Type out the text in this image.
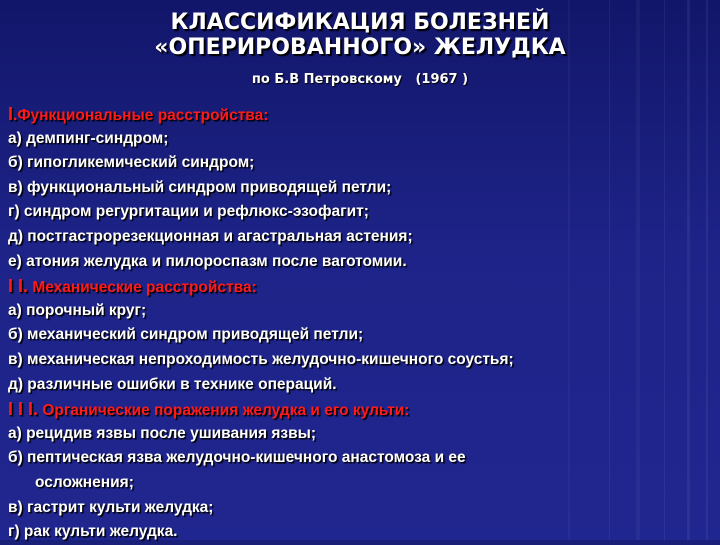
КЛАССИФИКАЦИЯ БОЛЕЗНЕЙ
«ОПЕРИРОВАННОГО» ЖЕЛУДКА
по Б.В Петровскому   (1967 )
I.Функциональные расстройства:
а) демпинг-синдром;
б) гипогликемический синдром;
в) функциональный синдром приводящей петли;
г) синдром регургитации и рефлюкс-эзофагит;
д) постгастрорезекционная и агастральная астения;
е) атония желудка и пилороспазм после ваготомии.
I I. Механические расстройства:
а) порочный круг;
б) механический синдром приводящей петли;
в) механическая непроходимость желудочно-кишечного соустья;
д) различные ошибки в технике операций.
I I I. Органические поражения желудка и его культи:
а) рецидив язвы после ушивания язвы;
б) пептическая язва желудочно-кишечного анастомоза и ее
осложнения;
в) гастрит культи желудка;
г) рак культи желудка.
